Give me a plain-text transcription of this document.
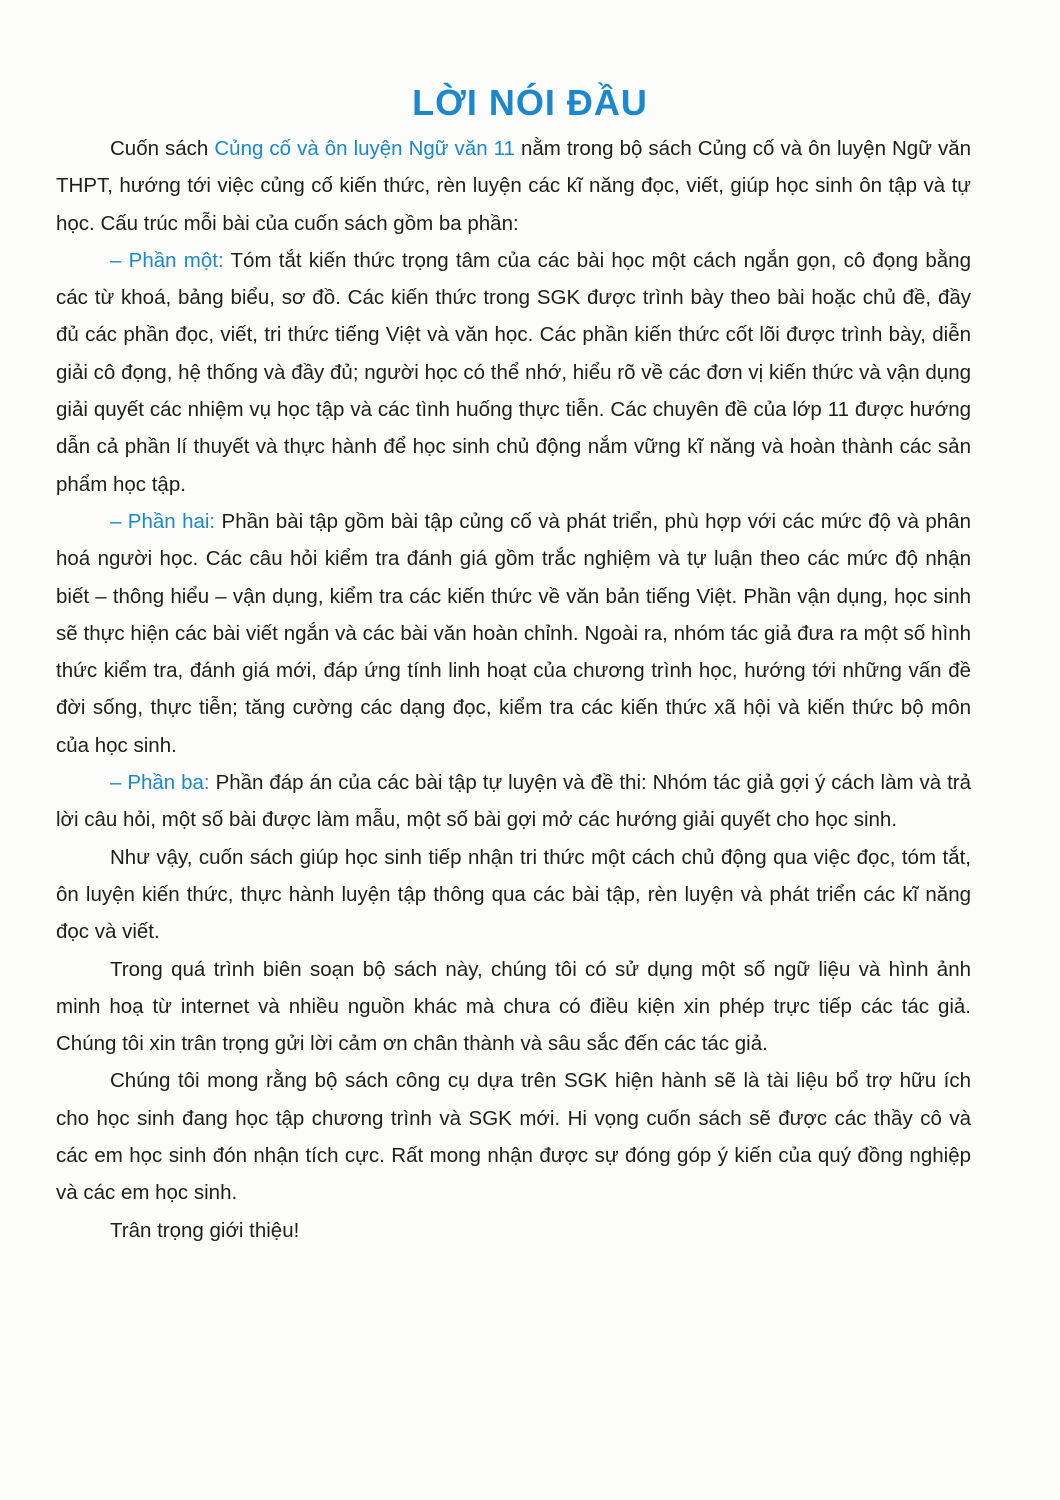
LỜI NÓI ĐẦU

Cuốn sách Củng cố và ôn luyện Ngữ văn 11 nằm trong bộ sách Củng cố và ôn luyện Ngữ văn THPT, hướng tới việc củng cố kiến thức, rèn luyện các kĩ năng đọc, viết, giúp học sinh ôn tập và tự học. Cấu trúc mỗi bài của cuốn sách gồm ba phần:

– Phần một: Tóm tắt kiến thức trọng tâm của các bài học một cách ngắn gọn, cô đọng bằng các từ khoá, bảng biểu, sơ đồ. Các kiến thức trong SGK được trình bày theo bài hoặc chủ đề, đầy đủ các phần đọc, viết, tri thức tiếng Việt và văn học. Các phần kiến thức cốt lõi được trình bày, diễn giải cô đọng, hệ thống và đầy đủ; người học có thể nhớ, hiểu rõ về các đơn vị kiến thức và vận dụng giải quyết các nhiệm vụ học tập và các tình huống thực tiễn. Các chuyên đề của lớp 11 được hướng dẫn cả phần lí thuyết và thực hành để học sinh chủ động nắm vững kĩ năng và hoàn thành các sản phẩm học tập.

– Phần hai: Phần bài tập gồm bài tập củng cố và phát triển, phù hợp với các mức độ và phân hoá người học. Các câu hỏi kiểm tra đánh giá gồm trắc nghiệm và tự luận theo các mức độ nhận biết – thông hiểu – vận dụng, kiểm tra các kiến thức về văn bản tiếng Việt. Phần vận dụng, học sinh sẽ thực hiện các bài viết ngắn và các bài văn hoàn chỉnh. Ngoài ra, nhóm tác giả đưa ra một số hình thức kiểm tra, đánh giá mới, đáp ứng tính linh hoạt của chương trình học, hướng tới những vấn đề đời sống, thực tiễn; tăng cường các dạng đọc, kiểm tra các kiến thức xã hội và kiến thức bộ môn của học sinh.

– Phần ba: Phần đáp án của các bài tập tự luyện và đề thi: Nhóm tác giả gợi ý cách làm và trả lời câu hỏi, một số bài được làm mẫu, một số bài gợi mở các hướng giải quyết cho học sinh.

Như vậy, cuốn sách giúp học sinh tiếp nhận tri thức một cách chủ động qua việc đọc, tóm tắt, ôn luyện kiến thức, thực hành luyện tập thông qua các bài tập, rèn luyện và phát triển các kĩ năng đọc và viết.

Trong quá trình biên soạn bộ sách này, chúng tôi có sử dụng một số ngữ liệu và hình ảnh minh hoạ từ internet và nhiều nguồn khác mà chưa có điều kiện xin phép trực tiếp các tác giả. Chúng tôi xin trân trọng gửi lời cảm ơn chân thành và sâu sắc đến các tác giả.

Chúng tôi mong rằng bộ sách công cụ dựa trên SGK hiện hành sẽ là tài liệu bổ trợ hữu ích cho học sinh đang học tập chương trình và SGK mới. Hi vọng cuốn sách sẽ được các thầy cô và các em học sinh đón nhận tích cực. Rất mong nhận được sự đóng góp ý kiến của quý đồng nghiệp và các em học sinh.

Trân trọng giới thiệu!
